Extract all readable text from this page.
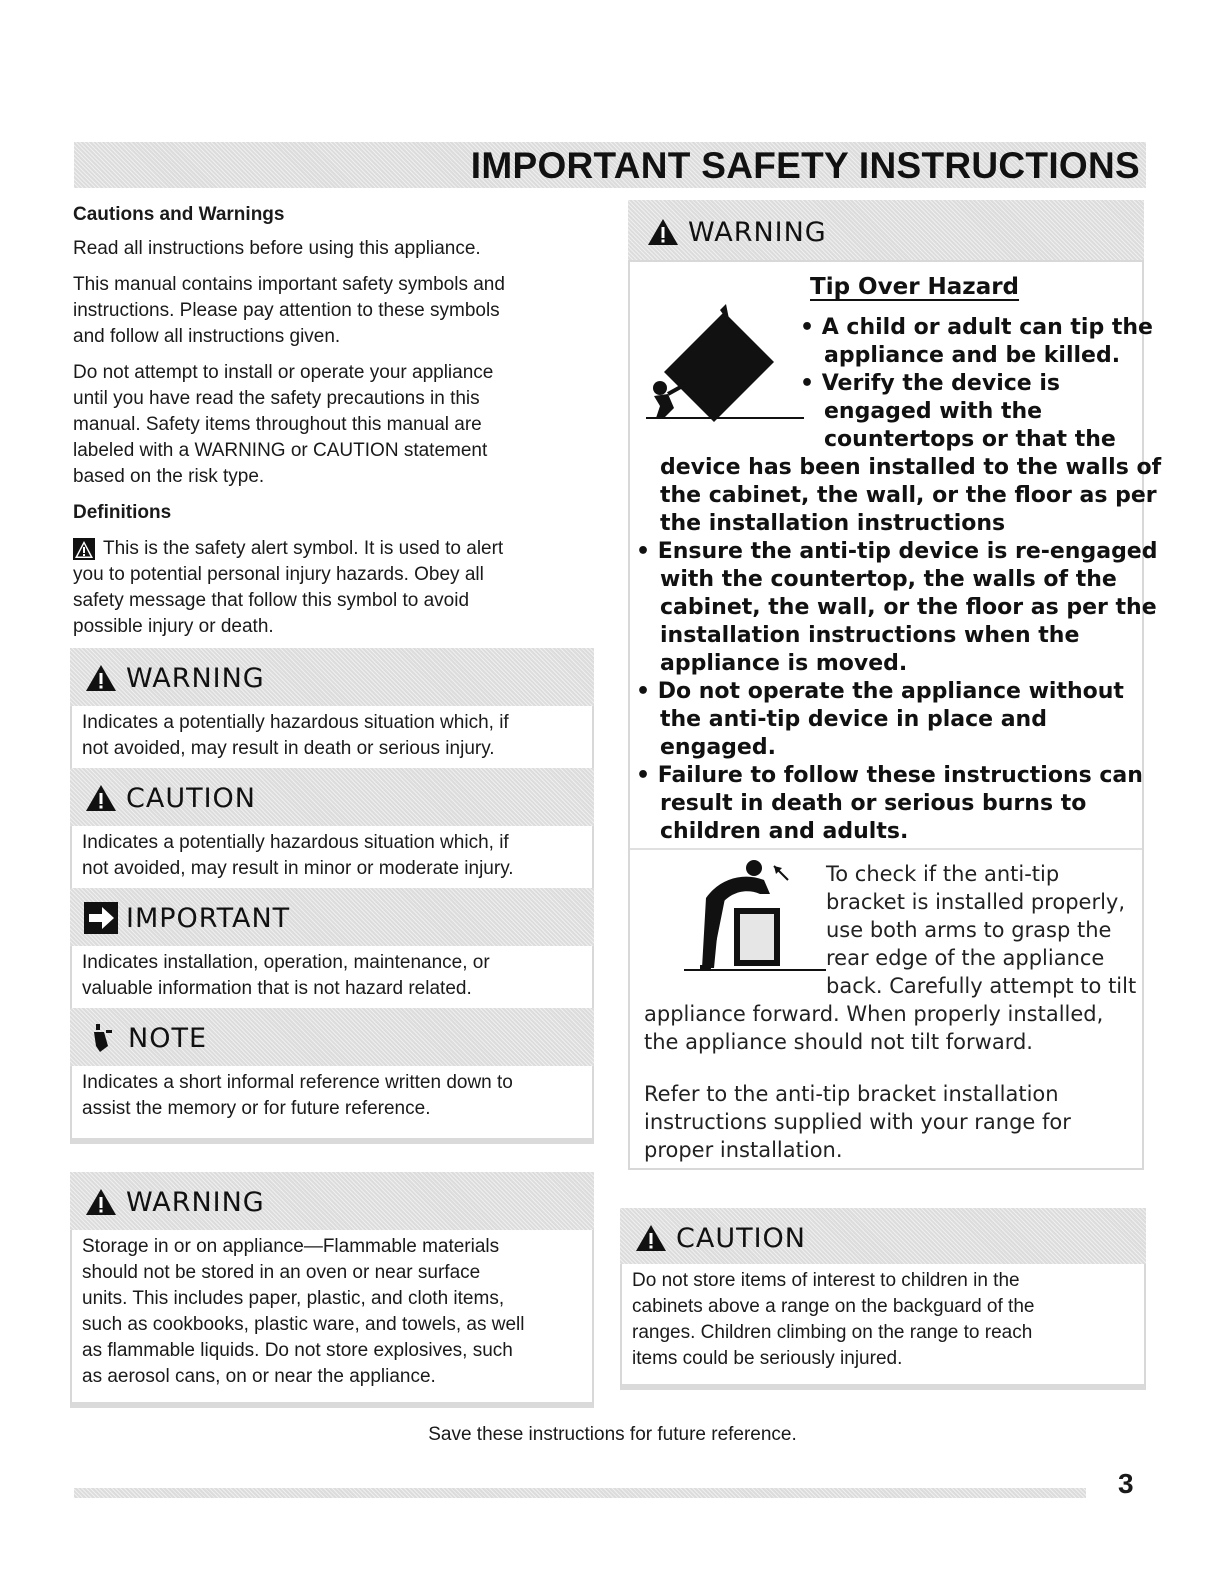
IMPORTANT SAFETY INSTRUCTIONS
Cautions and Warnings
Read all instructions before using this appliance.
This manual contains important safety symbols and
instructions. Please pay attention to these symbols
and follow all instructions given.
Do not attempt to install or operate your appliance
until you have read the safety precautions in this
manual. Safety items throughout this manual are
labeled with a WARNING or CAUTION statement
based on the risk type.
Definitions
This is the safety alert symbol. It is used to alert
you to potential personal injury hazards. Obey all
safety message that follow this symbol to avoid
possible injury or death.
WARNING
Indicates a potentially hazardous situation which, if
not avoided, may result in death or serious injury.
CAUTION
Indicates a potentially hazardous situation which, if
not avoided, may result in minor or moderate injury.
IMPORTANT
Indicates installation, operation, maintenance, or
valuable information that is not hazard related.
NOTE
Indicates a short informal reference written down to
assist the memory or for future reference.
WARNING
Storage in or on appliance—Flammable materials
should not be stored in an oven or near surface
units. This includes paper, plastic, and cloth items,
such as cookbooks, plastic ware, and towels, as well
as flammable liquids. Do not store explosives, such
as aerosol cans, on or near the appliance.
WARNING
Tip Over Hazard
• A child or adult can tip the
appliance and be killed.
• Verify the device is
engaged with the
countertops or that the
device has been installed to the walls of
the cabinet, the wall, or the floor as per
the installation instructions
• Ensure the anti-tip device is re-engaged
with the countertop, the walls of the
cabinet, the wall, or the floor as per the
installation instructions when the
appliance is moved.
• Do not operate the appliance without
the anti-tip device in place and
engaged.
• Failure to follow these instructions can
result in death or serious burns to
children and adults.
To check if the anti-tip
bracket is installed properly,
use both arms to grasp the
rear edge of the appliance
back. Carefully attempt to tilt
appliance forward. When properly installed,
the appliance should not tilt forward.
Refer to the anti-tip bracket installation
instructions supplied with your range for
proper installation.
CAUTION
Do not store items of interest to children in the
cabinets above a range on the backguard of the
ranges. Children climbing on the range to reach
items could be seriously injured.
Save these instructions for future reference.
3
